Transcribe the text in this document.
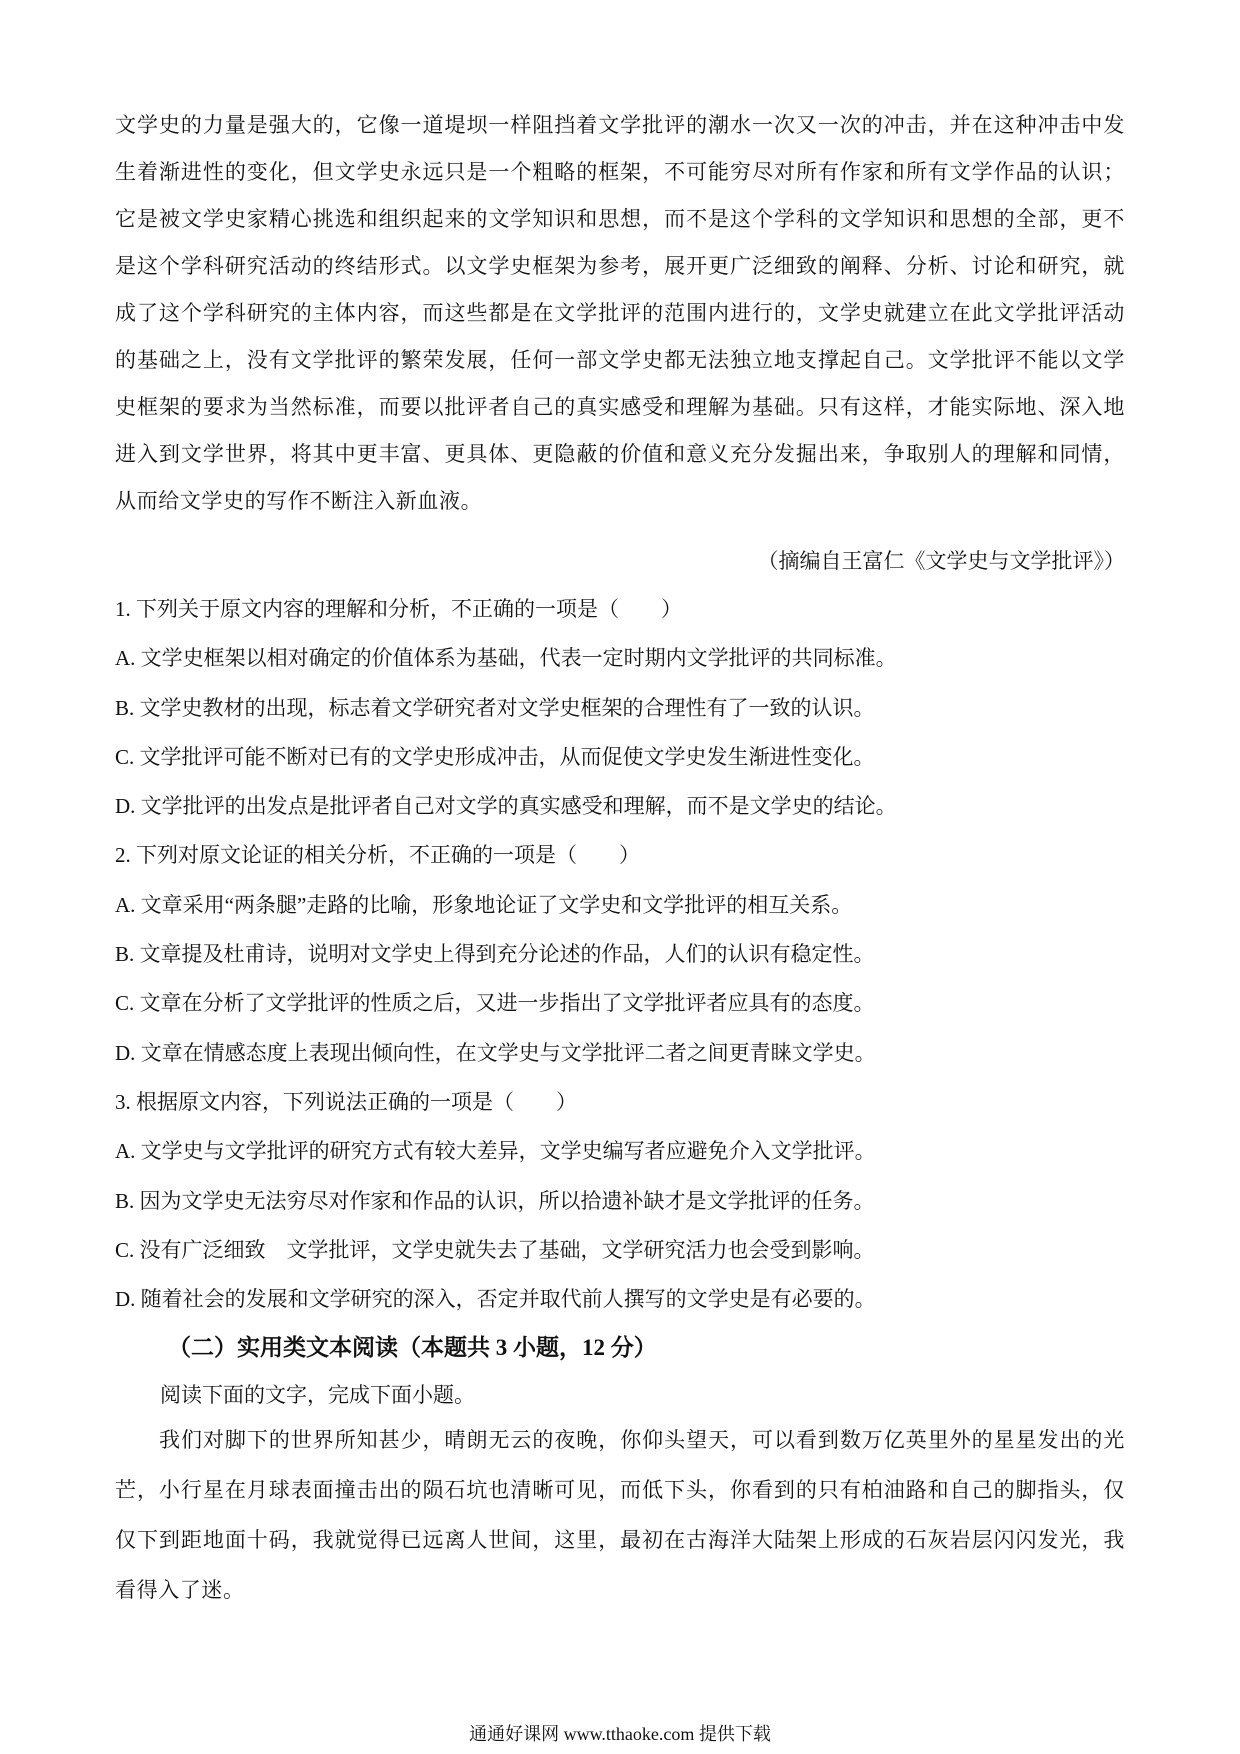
文学史的力量是强大的，它像一道堤坝一样阻挡着文学批评的潮水一次又一次的冲击，并在这种冲击中发生着渐进性的变化，但文学史永远只是一个粗略的框架，不可能穷尽对所有作家和所有文学作品的认识；它是被文学史家精心挑选和组织起来的文学知识和思想，而不是这个学科的文学知识和思想的全部，更不是这个学科研究活动的终结形式。以文学史框架为参考，展开更广泛细致的阐释、分析、讨论和研究，就成了这个学科研究的主体内容，而这些都是在文学批评的范围内进行的，文学史就建立在此文学批评活动的基础之上，没有文学批评的繁荣发展，任何一部文学史都无法独立地支撑起自己。文学批评不能以文学史框架的要求为当然标准，而要以批评者自己的真实感受和理解为基础。只有这样，才能实际地、深入地进入到文学世界，将其中更丰富、更具体、更隐蔽的价值和意义充分发掘出来，争取别人的理解和同情，从而给文学史的写作不断注入新血液。

（摘编自王富仁《文学史与文学批评》）

1. 下列关于原文内容的理解和分析，不正确的一项是（　　）
A. 文学史框架以相对确定的价值体系为基础，代表一定时期内文学批评的共同标准。
B. 文学史教材的出现，标志着文学研究者对文学史框架的合理性有了一致的认识。
C. 文学批评可能不断对已有的文学史形成冲击，从而促使文学史发生渐进性变化。
D. 文学批评的出发点是批评者自己对文学的真实感受和理解，而不是文学史的结论。
2. 下列对原文论证的相关分析，不正确的一项是（　　）
A. 文章采用“两条腿”走路的比喻，形象地论证了文学史和文学批评的相互关系。
B. 文章提及杜甫诗，说明对文学史上得到充分论述的作品，人们的认识有稳定性。
C. 文章在分析了文学批评的性质之后，又进一步指出了文学批评者应具有的态度。
D. 文章在情感态度上表现出倾向性，在文学史与文学批评二者之间更青睐文学史。
3. 根据原文内容，下列说法正确的一项是（　　）
A. 文学史与文学批评的研究方式有较大差异，文学史编写者应避免介入文学批评。
B. 因为文学史无法穷尽对作家和作品的认识，所以拾遗补缺才是文学批评的任务。
C. 没有广泛细致　文学批评，文学史就失去了基础，文学研究活力也会受到影响。
D. 随着社会的发展和文学研究的深入，否定并取代前人撰写的文学史是有必要的。
（二）实用类文本阅读（本题共 3 小题，12 分）

阅读下面的文字，完成下面小题。

我们对脚下的世界所知甚少，晴朗无云的夜晚，你仰头望天，可以看到数万亿英里外的星星发出的光芒，小行星在月球表面撞击出的陨石坑也清晰可见，而低下头，你看到的只有柏油路和自己的脚指头，仅仅下到距地面十码，我就觉得已远离人世间，这里，最初在古海洋大陆架上形成的石灰岩层闪闪发光，我看得入了迷。

通通好课网 www.tthaoke.com 提供下载
